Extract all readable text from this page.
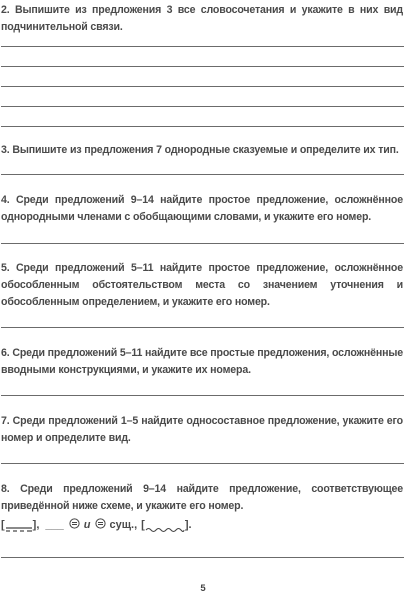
2. Выпишите из предложения 3 все словосочетания и укажите в них вид подчинительной связи.

3. Выпишите из предложения 7 однородные сказуемые и определите их тип.

4. Среди предложений 9–14 найдите простое предложение, осложнённое однородными членами с обобщающими словами, и укажите его номер.

5. Среди предложений 5–11 найдите простое предложение, осложнённое обособленным обстоятельством места со значением уточнения и обособленным определением, и укажите его номер.

6. Среди предложений 5–11 найдите все простые предложения, осложнённые вводными конструкциями, и укажите их номера.

7. Среди предложений 1–5 найдите односоставное предложение, укажите его номер и определите вид.

8. Среди предложений 9–14 найдите предложение, соответствующее приведённой ниже схеме, и укажите его номер.

[	], ___ и сущ., [	].
5
